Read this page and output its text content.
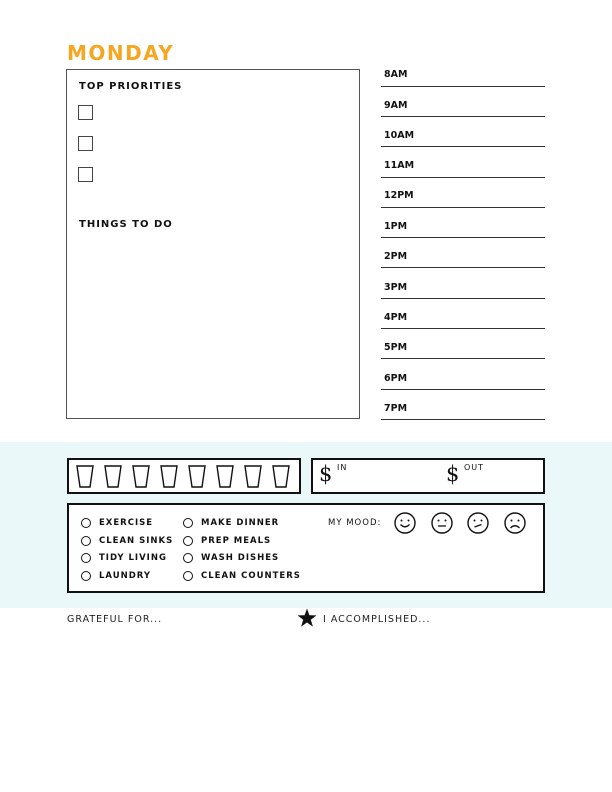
MONDAY
TOP PRIORITIES
THINGS TO DO
8AM
9AM
10AM
11AM
12PM
1PM
2PM
3PM
4PM
5PM
6PM
7PM
$ IN	$ OUT
EXERCISE
CLEAN SINKS
TIDY LIVING
LAUNDRY
MAKE DINNER
PREP MEALS
WASH DISHES
CLEAN COUNTERS
MY MOOD:
GRATEFUL FOR...	I ACCOMPLISHED...
